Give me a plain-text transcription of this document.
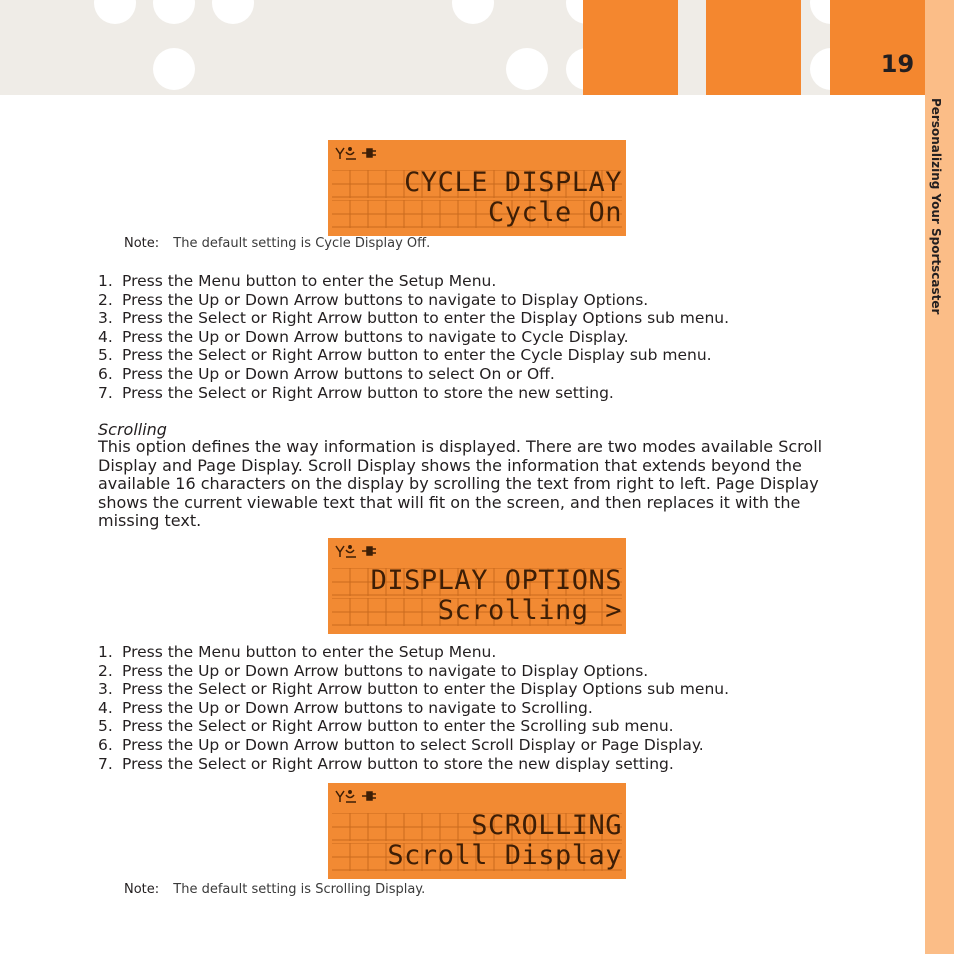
19
Personalizing Your Sportscaster
CYCLE DISPLAY
Cycle On
Note: The default setting is Cycle Display Off.
1. Press the Menu button to enter the Setup Menu.
2. Press the Up or Down Arrow buttons to navigate to Display Options.
3. Press the Select or Right Arrow button to enter the Display Options sub menu.
4. Press the Up or Down Arrow buttons to navigate to Cycle Display.
5. Press the Select or Right Arrow button to enter the Cycle Display sub menu.
6. Press the Up or Down Arrow buttons to select On or Off.
7. Press the Select or Right Arrow button to store the new setting.
Scrolling

This option defines the way information is displayed. There are two modes available Scroll Display and Page Display. Scroll Display shows the information that extends beyond the available 16 characters on the display by scrolling the text from right to left. Page Display shows the current viewable text that will fit on the screen, and then replaces it with the missing text.

DISPLAY OPTIONS
Scrolling >
1. Press the Menu button to enter the Setup Menu.
2. Press the Up or Down Arrow buttons to navigate to Display Options.
3. Press the Select or Right Arrow button to enter the Display Options sub menu.
4. Press the Up or Down Arrow buttons to navigate to Scrolling.
5. Press the Select or Right Arrow button to enter the Scrolling sub menu.
6. Press the Up or Down Arrow button to select Scroll Display or Page Display.
7. Press the Select or Right Arrow button to store the new display setting.
SCROLLING
Scroll Display
Note: The default setting is Scrolling Display.
